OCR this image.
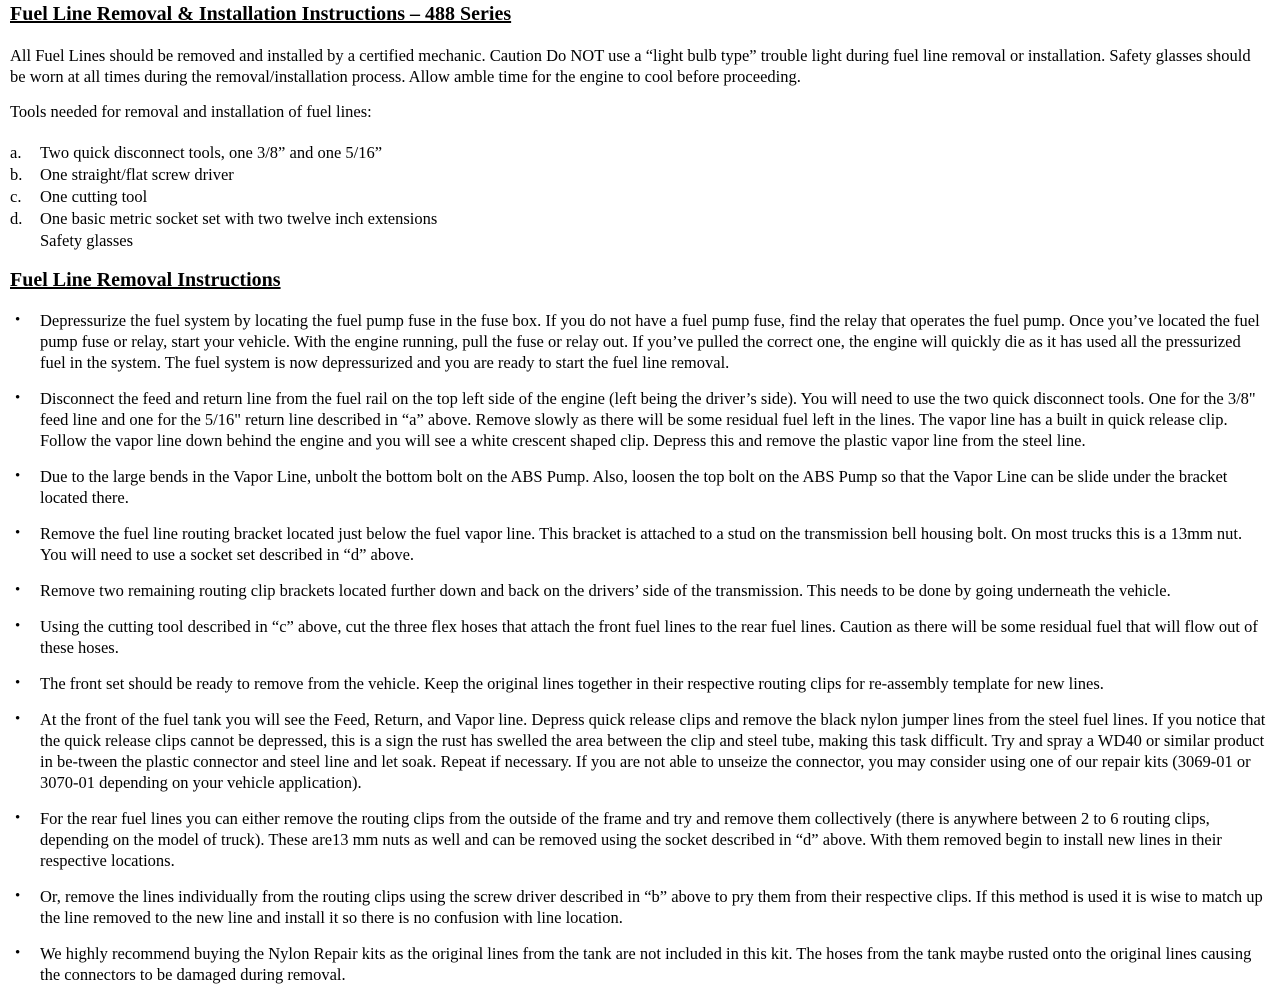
Fuel Line Removal & Installation Instructions – 488 Series

All Fuel Lines should be removed and installed by a certified mechanic. Caution Do NOT use a “light bulb type” trouble light during fuel line removal or installation. Safety glasses should be worn at all times during the removal/installation process. Allow amble time for the engine to cool before proceeding.

Tools needed for removal and installation of fuel lines:

a. Two quick disconnect tools, one 3/8” and one 5/16”
b. One straight/flat screw driver
c. One cutting tool
d. One basic metric socket set with two twelve inch extensions
Safety glasses
Fuel Line Removal Instructions
• Depressurize the fuel system by locating the fuel pump fuse in the fuse box. If you do not have a fuel pump fuse, find the relay that operates the fuel pump. Once you’ve located the fuel pump fuse or relay, start your vehicle. With the engine running, pull the fuse or relay out. If you’ve pulled the correct one, the engine will quickly die as it has used all the pressurized fuel in the system. The fuel system is now depressurized and you are ready to start the fuel line removal.
• Disconnect the feed and return line from the fuel rail on the top left side of the engine (left being the driver’s side). You will need to use the two quick disconnect tools. One for the 3/8" feed line and one for the 5/16" return line described in “a” above. Remove slowly as there will be some residual fuel left in the lines. The vapor line has a built in quick release clip. Follow the vapor line down behind the engine and you will see a white crescent shaped clip. Depress this and remove the plastic vapor line from the steel line.
• Due to the large bends in the Vapor Line, unbolt the bottom bolt on the ABS Pump. Also, loosen the top bolt on the ABS Pump so that the Vapor Line can be slide under the bracket located there.
• Remove the fuel line routing bracket located just below the fuel vapor line. This bracket is attached to a stud on the transmission bell housing bolt. On most trucks this is a 13mm nut. You will need to use a socket set described in “d” above.
• Remove two remaining routing clip brackets located further down and back on the drivers’ side of the transmission. This needs to be done by going underneath the vehicle.
• Using the cutting tool described in “c” above, cut the three flex hoses that attach the front fuel lines to the rear fuel lines. Caution as there will be some residual fuel that will flow out of these hoses.
• The front set should be ready to remove from the vehicle. Keep the original lines together in their respective routing clips for re-assembly template for new lines.
• At the front of the fuel tank you will see the Feed, Return, and Vapor line. Depress quick release clips and remove the black nylon jumper lines from the steel fuel lines. If you notice that the quick release clips cannot be depressed, this is a sign the rust has swelled the area between the clip and steel tube, making this task difficult. Try and spray a WD40 or similar product in be-tween the plastic connector and steel line and let soak. Repeat if necessary. If you are not able to unseize the connector, you may consider using one of our repair kits (3069-01 or 3070-01 depending on your vehicle application).
• For the rear fuel lines you can either remove the routing clips from the outside of the frame and try and remove them collectively (there is anywhere between 2 to 6 routing clips, depending on the model of truck). These are13 mm nuts as well and can be removed using the socket described in “d” above. With them removed begin to install new lines in their respective locations.
• Or, remove the lines individually from the routing clips using the screw driver described in “b” above to pry them from their respective clips. If this method is used it is wise to match up the line removed to the new line and install it so there is no confusion with line location.
• We highly recommend buying the Nylon Repair kits as the original lines from the tank are not included in this kit. The hoses from the tank maybe rusted onto the original lines causing the connectors to be damaged during removal.
